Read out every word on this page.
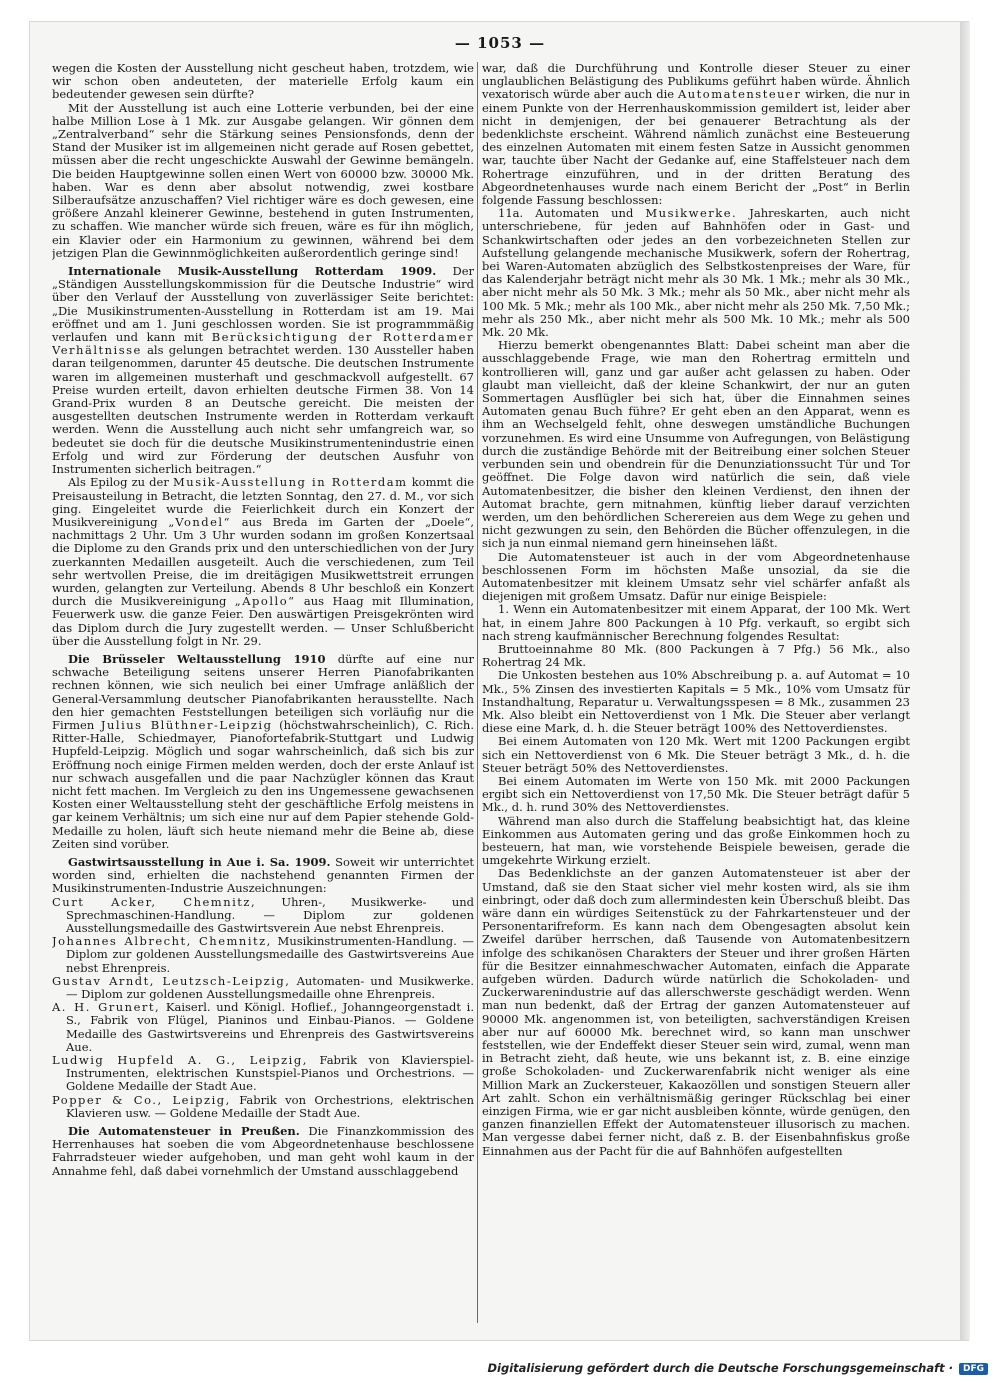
— 1053 —

wegen die Kosten der Ausstellung nicht gescheut haben, trotzdem, wie wir schon oben andeuteten, der materielle Erfolg kaum ein bedeutender gewesen sein dürfte?

Mit der Ausstellung ist auch eine Lotterie verbunden, bei der eine halbe Million Lose à 1 Mk. zur Ausgabe gelangen. Wir gönnen dem „Zentralverband“ sehr die Stärkung seines Pensionsfonds, denn der Stand der Musiker ist im allgemeinen nicht gerade auf Rosen gebettet, müssen aber die recht ungeschickte Auswahl der Gewinne bemängeln. Die beiden Hauptgewinne sollen einen Wert von 60000 bzw. 30000 Mk. haben. War es denn aber absolut notwendig, zwei kostbare Silberaufsätze anzuschaffen? Viel richtiger wäre es doch gewesen, eine größere Anzahl kleinerer Gewinne, bestehend in guten Instrumenten, zu schaffen. Wie mancher würde sich freuen, wäre es für ihn möglich, ein Klavier oder ein Harmonium zu gewinnen, während bei dem jetzigen Plan die Gewinnmöglichkeiten außerordentlich geringe sind!

Internationale Musik-Ausstellung Rotterdam 1909. Der „Ständigen Ausstellungskommission für die Deutsche Industrie“ wird über den Verlauf der Ausstellung von zuverlässiger Seite berichtet: „Die Musikinstrumenten-Ausstellung in Rotterdam ist am 19. Mai eröffnet und am 1. Juni geschlossen worden. Sie ist programmmäßig verlaufen und kann mit Berücksichtigung der Rotterdamer Verhältnisse als gelungen betrachtet werden. 130 Aussteller haben daran teilgenommen, darunter 45 deutsche. Die deutschen Instrumente waren im allgemeinen musterhaft und geschmackvoll aufgestellt. 67 Preise wurden erteilt, davon erhielten deutsche Firmen 38. Von 14 Grand-Prix wurden 8 an Deutsche gereicht. Die meisten der ausgestellten deutschen Instrumente werden in Rotterdam verkauft werden. Wenn die Ausstellung auch nicht sehr umfangreich war, so bedeutet sie doch für die deutsche Musikinstrumentenindustrie einen Erfolg und wird zur Förderung der deutschen Ausfuhr von Instrumenten sicherlich beitragen.“

Als Epilog zu der Musik-Ausstellung in Rotterdam kommt die Preisausteilung in Betracht, die letzten Sonntag, den 27. d. M., vor sich ging. Eingeleitet wurde die Feierlichkeit durch ein Konzert der Musikvereinigung „Vondel“ aus Breda im Garten der „Doele“, nachmittags 2 Uhr. Um 3 Uhr wurden sodann im großen Konzertsaal die Diplome zu den Grands prix und den unterschiedlichen von der Jury zuerkannten Medaillen ausgeteilt. Auch die verschiedenen, zum Teil sehr wertvollen Preise, die im dreitägigen Musikwettstreit errungen wurden, gelangten zur Verteilung. Abends 8 Uhr beschloß ein Konzert durch die Musikvereinigung „Apollo“ aus Haag mit Illumination, Feuerwerk usw. die ganze Feier. Den auswärtigen Preisgekrönten wird das Diplom durch die Jury zugestellt werden. — Unser Schlußbericht über die Ausstellung folgt in Nr. 29.

Die Brüsseler Weltausstellung 1910 dürfte auf eine nur schwache Beteiligung seitens unserer Herren Pianofabrikanten rechnen können, wie sich neulich bei einer Umfrage anläßlich der General-Versammlung deutscher Pianofabrikanten herausstellte. Nach den hier gemachten Feststellungen beteiligen sich vorläufig nur die Firmen Julius Blüthner-Leipzig (höchstwahrscheinlich), C. Rich. Ritter-Halle, Schiedmayer, Pianofortefabrik-Stuttgart und Ludwig Hupfeld-Leipzig. Möglich und sogar wahrscheinlich, daß sich bis zur Eröffnung noch einige Firmen melden werden, doch der erste Anlauf ist nur schwach ausgefallen und die paar Nachzügler können das Kraut nicht fett machen. Im Vergleich zu den ins Ungemessene gewachsenen Kosten einer Weltausstellung steht der geschäftliche Erfolg meistens in gar keinem Verhältnis; um sich eine nur auf dem Papier stehende Gold-Medaille zu holen, läuft sich heute niemand mehr die Beine ab, diese Zeiten sind vorüber.

Gastwirtsausstellung in Aue i. Sa. 1909. Soweit wir unterrichtet worden sind, erhielten die nachstehend genannten Firmen der Musikinstrumenten-Industrie Auszeichnungen:

Curt Acker, Chemnitz, Uhren-, Musikwerke- und Sprechmaschinen-Handlung. — Diplom zur goldenen Ausstellungsmedaille des Gastwirtsverein Aue nebst Ehrenpreis.

Johannes Albrecht, Chemnitz, Musikinstrumenten-Handlung. — Diplom zur goldenen Ausstellungsmedaille des Gastwirtsvereins Aue nebst Ehrenpreis.

Gustav Arndt, Leutzsch-Leipzig, Automaten- und Musikwerke. — Diplom zur goldenen Ausstellungsmedaille ohne Ehrenpreis.

A. H. Grunert, Kaiserl. und Königl. Hoflief., Johanngeorgenstadt i. S., Fabrik von Flügel, Pianinos und Einbau-Pianos. — Goldene Medaille des Gastwirtsvereins und Ehrenpreis des Gastwirtsvereins Aue.

Ludwig Hupfeld A. G., Leipzig, Fabrik von Klavierspiel-Instrumenten, elektrischen Kunstspiel-Pianos und Orchestrions. — Goldene Medaille der Stadt Aue.

Popper & Co., Leipzig, Fabrik von Orchestrions, elektrischen Klavieren usw. — Goldene Medaille der Stadt Aue.

Die Automatensteuer in Preußen. Die Finanzkommission des Herrenhauses hat soeben die vom Abgeordnetenhause beschlossene Fahrradsteuer wieder aufgehoben, und man geht wohl kaum in der Annahme fehl, daß dabei vornehmlich der Umstand ausschlaggebend

war, daß die Durchführung und Kontrolle dieser Steuer zu einer unglaublichen Belästigung des Publikums geführt haben würde. Ähnlich vexatorisch würde aber auch die Automatensteuer wirken, die nur in einem Punkte von der Herrenhauskommission gemildert ist, leider aber nicht in demjenigen, der bei genauerer Betrachtung als der bedenklichste erscheint. Während nämlich zunächst eine Besteuerung des einzelnen Automaten mit einem festen Satze in Aussicht genommen war, tauchte über Nacht der Gedanke auf, eine Staffelsteuer nach dem Rohertrage einzuführen, und in der dritten Beratung des Abgeordnetenhauses wurde nach einem Bericht der „Post“ in Berlin folgende Fassung beschlossen:

11a. Automaten und Musikwerke. Jahreskarten, auch nicht unterschriebene, für jeden auf Bahnhöfen oder in Gast- und Schankwirtschaften oder jedes an den vorbezeichneten Stellen zur Aufstellung gelangende mechanische Musikwerk, sofern der Rohertrag, bei Waren-Automaten abzüglich des Selbstkostenpreises der Ware, für das Kalenderjahr beträgt nicht mehr als 30 Mk. 1 Mk.; mehr als 30 Mk., aber nicht mehr als 50 Mk. 3 Mk.; mehr als 50 Mk., aber nicht mehr als 100 Mk. 5 Mk.; mehr als 100 Mk., aber nicht mehr als 250 Mk. 7,50 Mk.; mehr als 250 Mk., aber nicht mehr als 500 Mk. 10 Mk.; mehr als 500 Mk. 20 Mk.

Hierzu bemerkt obengenanntes Blatt: Dabei scheint man aber die ausschlaggebende Frage, wie man den Rohertrag ermitteln und kontrollieren will, ganz und gar außer acht gelassen zu haben. Oder glaubt man vielleicht, daß der kleine Schankwirt, der nur an guten Sommertagen Ausflügler bei sich hat, über die Einnahmen seines Automaten genau Buch führe? Er geht eben an den Apparat, wenn es ihm an Wechselgeld fehlt, ohne deswegen umständliche Buchungen vorzunehmen. Es wird eine Unsumme von Aufregungen, von Belästigung durch die zuständige Behörde mit der Beitreibung einer solchen Steuer verbunden sein und obendrein für die Denunziationssucht Tür und Tor geöffnet. Die Folge davon wird natürlich die sein, daß viele Automatenbesitzer, die bisher den kleinen Verdienst, den ihnen der Automat brachte, gern mitnahmen, künftig lieber darauf verzichten werden, um den behördlichen Scherereien aus dem Wege zu gehen und nicht gezwungen zu sein, den Behörden die Bücher offenzulegen, in die sich ja nun einmal niemand gern hineinsehen läßt.

Die Automatensteuer ist auch in der vom Abgeordnetenhause beschlossenen Form im höchsten Maße unsozial, da sie die Automatenbesitzer mit kleinem Umsatz sehr viel schärfer anfaßt als diejenigen mit großem Umsatz. Dafür nur einige Beispiele:

1. Wenn ein Automatenbesitzer mit einem Apparat, der 100 Mk. Wert hat, in einem Jahre 800 Packungen à 10 Pfg. verkauft, so ergibt sich nach streng kaufmännischer Berechnung folgendes Resultat:

Bruttoeinnahme 80 Mk. (800 Packungen à 7 Pfg.) 56 Mk., also Rohertrag 24 Mk.

Die Unkosten bestehen aus 10% Abschreibung p. a. auf Automat = 10 Mk., 5% Zinsen des investierten Kapitals = 5 Mk., 10% vom Umsatz für Instandhaltung, Reparatur u. Verwaltungsspesen = 8 Mk., zusammen 23 Mk. Also bleibt ein Nettoverdienst von 1 Mk. Die Steuer aber verlangt diese eine Mark, d. h. die Steuer beträgt 100% des Nettoverdienstes.

Bei einem Automaten von 120 Mk. Wert mit 1200 Packungen ergibt sich ein Nettoverdienst von 6 Mk. Die Steuer beträgt 3 Mk., d. h. die Steuer beträgt 50% des Nettoverdienstes.

Bei einem Automaten im Werte von 150 Mk. mit 2000 Packungen ergibt sich ein Nettoverdienst von 17,50 Mk. Die Steuer beträgt dafür 5 Mk., d. h. rund 30% des Nettoverdienstes.

Während man also durch die Staffelung beabsichtigt hat, das kleine Einkommen aus Automaten gering und das große Einkommen hoch zu besteuern, hat man, wie vorstehende Beispiele beweisen, gerade die umgekehrte Wirkung erzielt.

Das Bedenklichste an der ganzen Automatensteuer ist aber der Umstand, daß sie den Staat sicher viel mehr kosten wird, als sie ihm einbringt, oder daß doch zum allermindesten kein Überschuß bleibt. Das wäre dann ein würdiges Seitenstück zu der Fahrkartensteuer und der Personentarifreform. Es kann nach dem Obengesagten absolut kein Zweifel darüber herrschen, daß Tausende von Automatenbesitzern infolge des schikanösen Charakters der Steuer und ihrer großen Härten für die Besitzer einnahmeschwacher Automaten, einfach die Apparate aufgeben würden. Dadurch würde natürlich die Schokoladen- und Zuckerwarenindustrie auf das allerschwerste geschädigt werden. Wenn man nun bedenkt, daß der Ertrag der ganzen Automatensteuer auf 90000 Mk. angenommen ist, von beteiligten, sachverständigen Kreisen aber nur auf 60000 Mk. berechnet wird, so kann man unschwer feststellen, wie der Endeffekt dieser Steuer sein wird, zumal, wenn man in Betracht zieht, daß heute, wie uns bekannt ist, z. B. eine einzige große Schokoladen- und Zuckerwarenfabrik nicht weniger als eine Million Mark an Zuckersteuer, Kakaozöllen und sonstigen Steuern aller Art zahlt. Schon ein verhältnismäßig geringer Rückschlag bei einer einzigen Firma, wie er gar nicht ausbleiben könnte, würde genügen, den ganzen finanziellen Effekt der Automatensteuer illusorisch zu machen. Man vergesse dabei ferner nicht, daß z. B. der Eisenbahnfiskus große Einnahmen aus der Pacht für die auf Bahnhöfen aufgestellten

Digitalisierung gefördert durch die Deutsche Forschungsgemeinschaft · DFG
